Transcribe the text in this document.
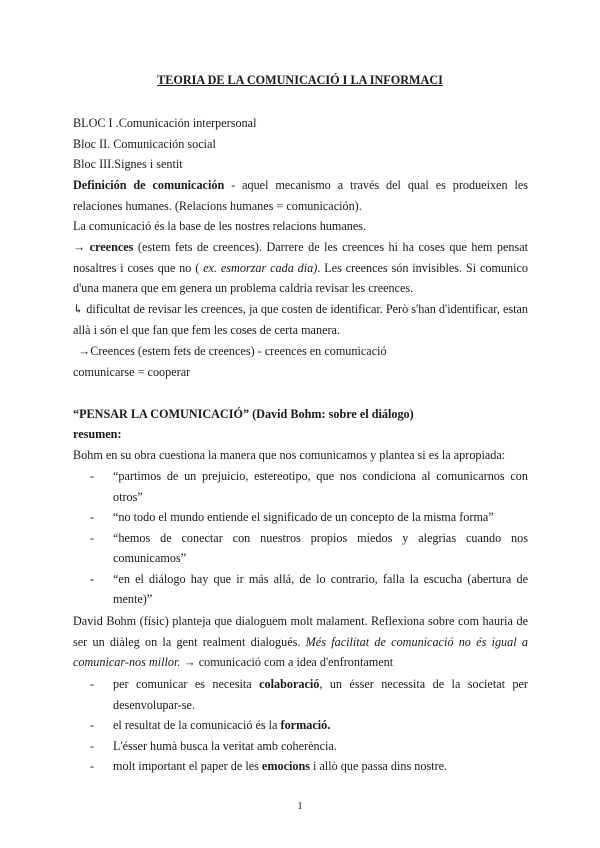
TEORIA DE LA COMUNICACIÓ I LA INFORMACI
BLOC I .Comunicación interpersonal
Bloc II. Comunicación social
Bloc III.Signes i sentit
Definición de comunicación - aquel mecanismo a través del qual es produeixen les relaciones humanes. (Relacions humanes = comunicación).
La comunicació és la base de les nostres relacions humanes.
→ creences (estem fets de creences). Darrere de les creences hi ha coses que hem pensat nosaltres i coses que no ( ex. esmorzar cada dia). Les creences són invisibles. Si comunico d'una manera que em genera un problema caldria revisar les creences.
↳ dificultat de revisar les creences, ja que costen de identificar. Però s'han d'identificar, estan allà i són el que fan que fem les coses de certa manera.
→Creences (estem fets de creences) - creences en comunicació
comunicarse = cooperar
“PENSAR LA COMUNICACIÓ” (David Bohm: sobre el diálogo)
resumen:
Bohm en su obra cuestiona la manera que nos comunicamos y plantea si es la apropiada:
- “partimos de un prejuicio, estereotipo, que nos condiciona al comunicarnos con otros”
- “no todo el mundo entiende el significado de un concepto de la misma forma”
- “hemos de conectar con nuestros propios miedos y alegrias cuando nos comunicamos”
- “en el diálogo hay que ir más allá, de lo contrario, falla la escucha (abertura de mente)”
David Bohm (físic) planteja que dialoguem molt malament. Reflexiona sobre com hauria de ser un diàleg on la gent realment dialogués. Més facilitat de comunicació no és igual a comunicar-nos millor. → comunicació com a idea d'enfrontament
- per comunicar es necesita colaboració, un ésser necessita de la societat per desenvolupar-se.
- el resultat de la comunicació és la formació.
- L'ésser humà busca la veritat amb coherència.
- molt important el paper de les emocions i allò que passa dins nostre.
1
